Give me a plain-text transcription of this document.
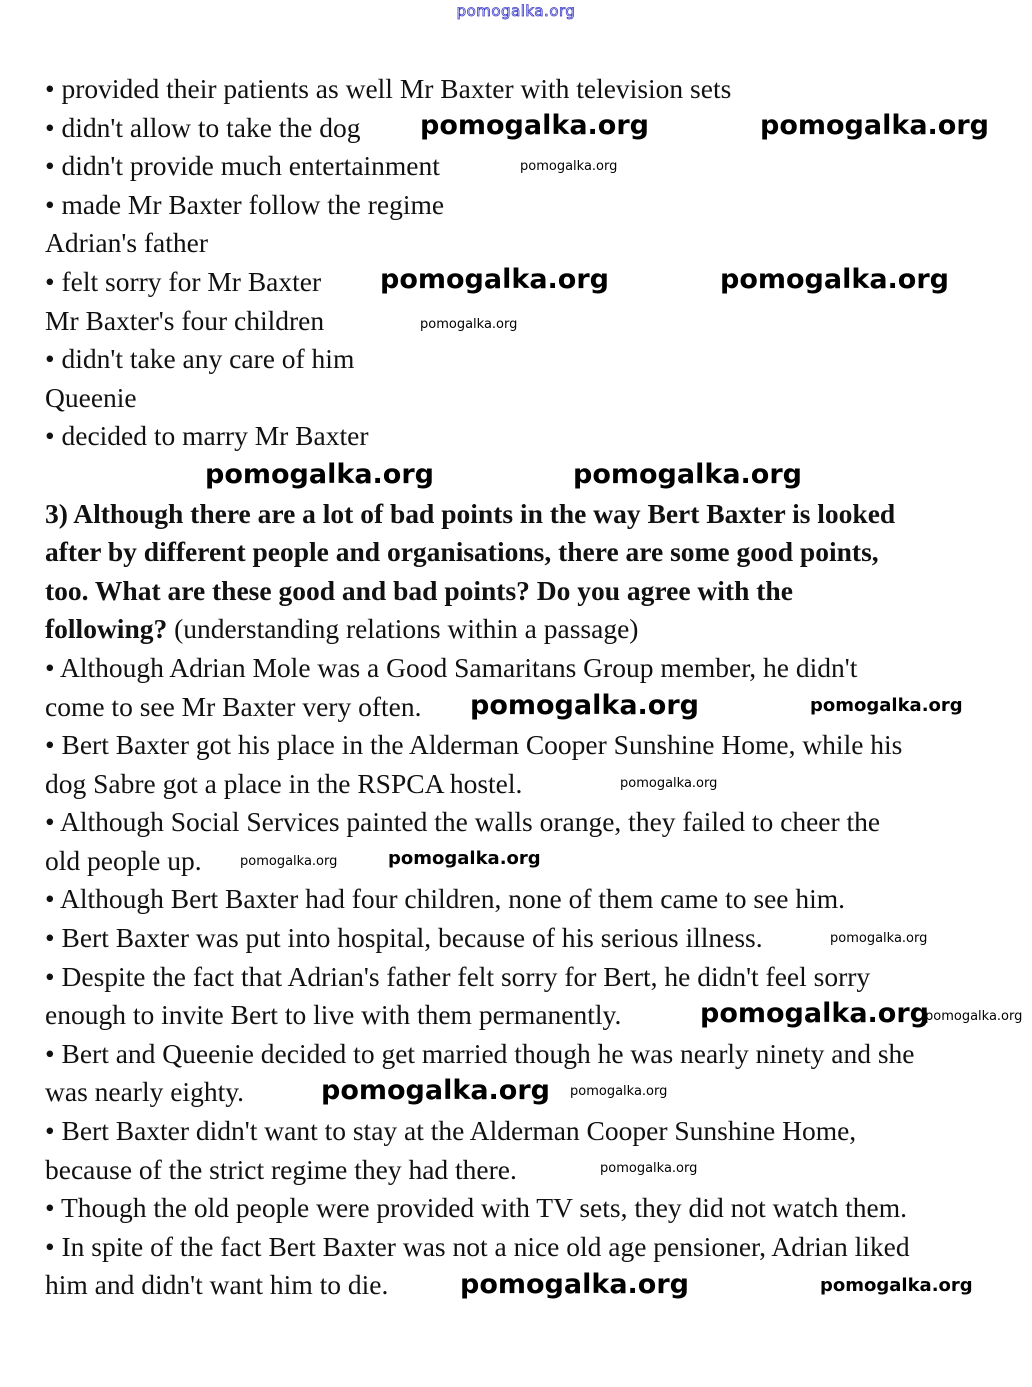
pomogalka.org
• provided their patients as well Mr Baxter with television sets
• didn't allow to take the dog
• didn't provide much entertainment
• made Mr Baxter follow the regime
Adrian's father
• felt sorry for Mr Baxter
Mr Baxter's four children
• didn't take any care of him
Queenie
• decided to marry Mr Baxter
3) Although there are a lot of bad points in the way Bert Baxter is looked
after by different people and organisations, there are some good points,
too. What are these good and bad points? Do you agree with the
following? (understanding relations within a passage)
• Although Adrian Mole was a Good Samaritans Group member, he didn't
come to see Mr Baxter very often.
• Bert Baxter got his place in the Alderman Cooper Sunshine Home, while his
dog Sabre got a place in the RSPCA hostel.
• Although Social Services painted the walls orange, they failed to cheer the
old people up.
• Although Bert Baxter had four children, none of them came to see him.
• Bert Baxter was put into hospital, because of his serious illness.
• Despite the fact that Adrian's father felt sorry for Bert, he didn't feel sorry
enough to invite Bert to live with them permanently.
• Bert and Queenie decided to get married though he was nearly ninety and she
was nearly eighty.
• Bert Baxter didn't want to stay at the Alderman Cooper Sunshine Home,
because of the strict regime they had there.
• Though the old people were provided with TV sets, they did not watch them.
• In spite of the fact Bert Baxter was not a nice old age pensioner, Adrian liked
him and didn't want him to die.
pomogalka.org	pomogalka.org
pomogalka.org	pomogalka.org
pomogalka.org	pomogalka.org
pomogalka.org
pomogalka.org
pomogalka.org
pomogalka.org
pomogalka.org
pomogalka.org
pomogalka.org
pomogalka.org
pomogalka.org
pomogalka.org
pomogalka.org
pomogalka.org
pomogalka.org
pomogalka.org
pomogalka.org
